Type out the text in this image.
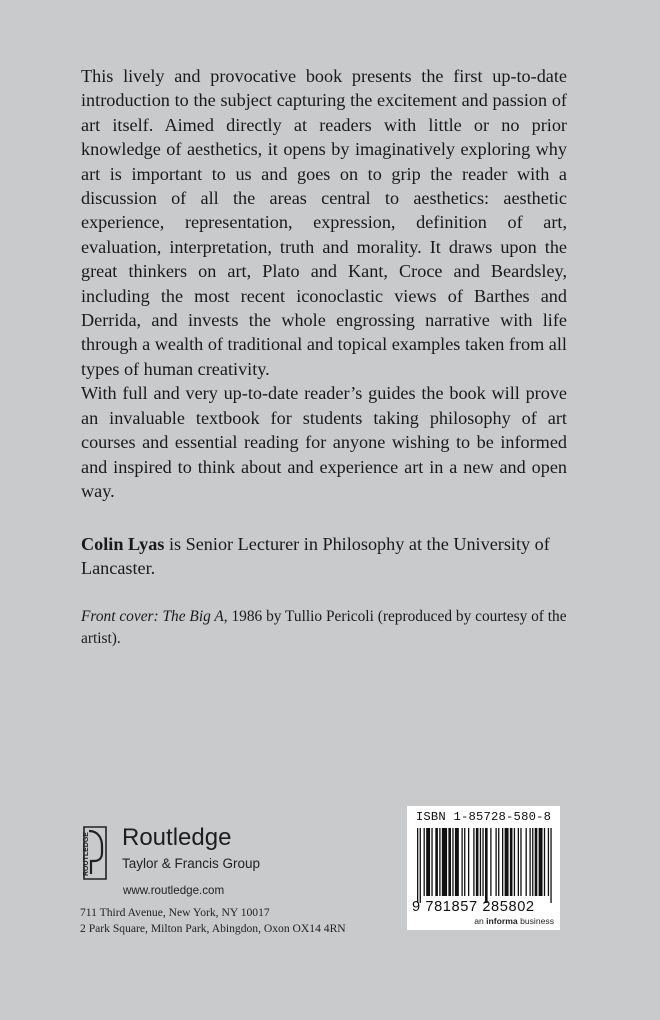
This lively and provocative book presents the first up-to-date introduction to the subject capturing the excitement and passion of art itself. Aimed directly at readers with little or no prior knowledge of aesthetics, it opens by imaginatively exploring why art is important to us and goes on to grip the reader with a discussion of all the areas central to aesthetics: aesthetic experience, representation, expression, definition of art, evaluation, interpretation, truth and morality. It draws upon the great thinkers on art, Plato and Kant, Croce and Beardsley, including the most recent iconoclastic views of Barthes and Derrida, and invests the whole engrossing narrative with life through a wealth of traditional and topical examples taken from all types of human creativity.

With full and very up-to-date reader’s guides the book will prove an invaluable textbook for students taking philosophy of art courses and essential reading for anyone wishing to be informed and inspired to think about and experience art in a new and open way.

Colin Lyas is Senior Lecturer in Philosophy at the University of Lancaster.
Front cover: The Big A, 1986 by Tullio Pericoli (reproduced by courtesy of the artist).
ROUTLEDGE Routledge
Taylor & Francis Group
www.routledge.com
711 Third Avenue, New York, NY 10017
2 Park Square, Milton Park, Abingdon, Oxon OX14 4RN
ISBN 1-85728-580-8
9 781857 285802
an informa business
